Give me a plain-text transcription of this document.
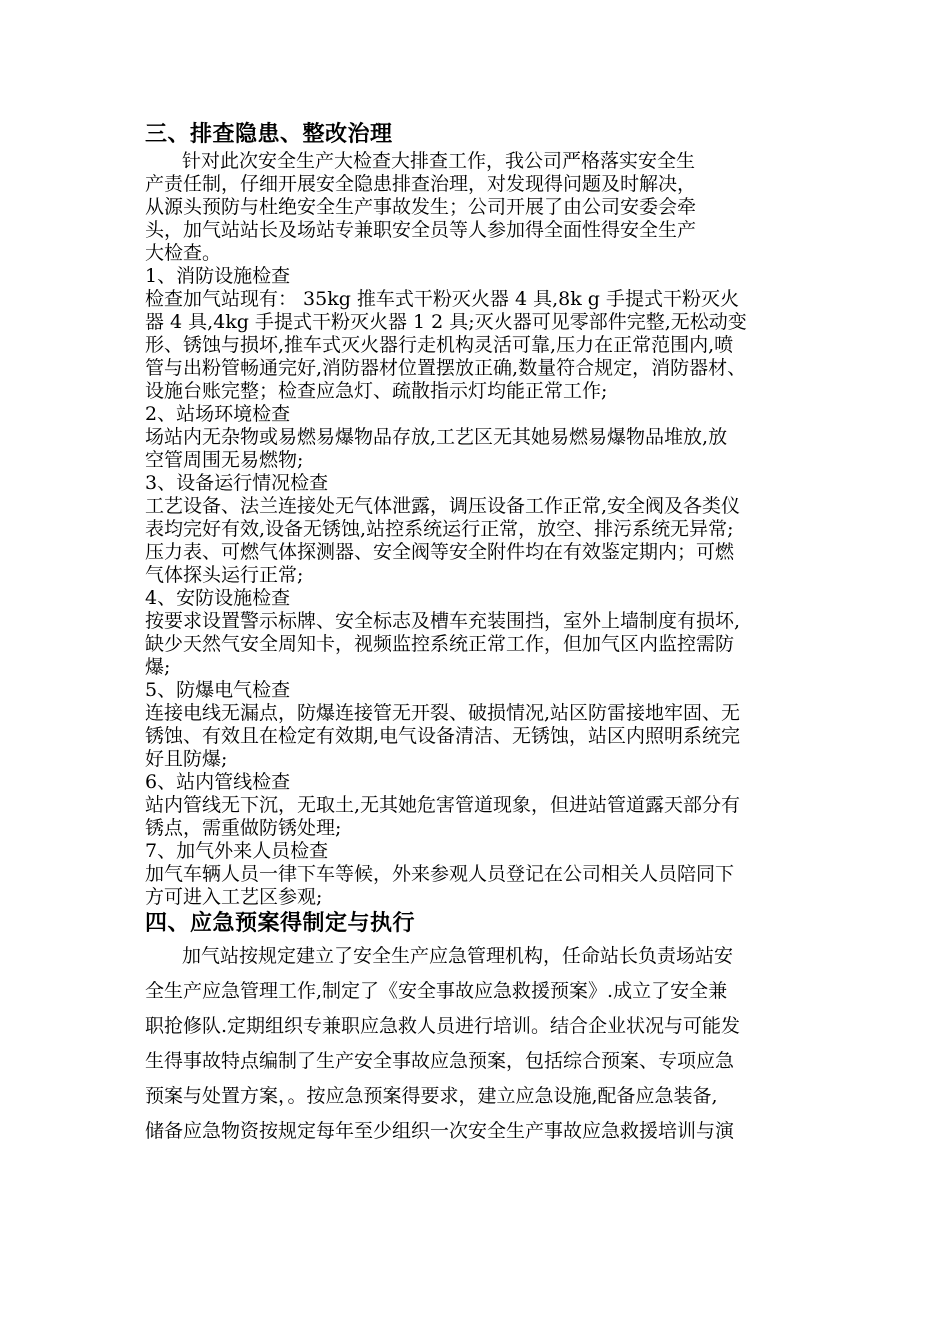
三、排查隐患、整改治理
针对此次安全生产大检查大排查工作，我公司严格落实安全生
产责任制，仔细开展安全隐患排查治理，对发现得问题及时解决，
从源头预防与杜绝安全生产事故发生；公司开展了由公司安委会牵
头，加气站站长及场站专兼职安全员等人参加得全面性得安全生产
大检查。
1、消防设施检查
检查加气站现有： 35kg 推车式干粉灭火器 4 具,8k g 手提式干粉灭火
器 4 具,4kg 手提式干粉灭火器 1 2 具;灭火器可见零部件完整,无松动变
形、锈蚀与损坏,推车式灭火器行走机构灵活可靠,压力在正常范围内,喷
管与出粉管畅通完好,消防器材位置摆放正确,数量符合规定，消防器材、
设施台账完整；检查应急灯、疏散指示灯均能正常工作;
2、站场环境检查
场站内无杂物或易燃易爆物品存放,工艺区无其她易燃易爆物品堆放,放
空管周围无易燃物;
3、设备运行情况检查
工艺设备、法兰连接处无气体泄露，调压设备工作正常,安全阀及各类仪
表均完好有效,设备无锈蚀,站控系统运行正常，放空、排污系统无异常;
压力表、可燃气体探测器、安全阀等安全附件均在有效鉴定期内；可燃
气体探头运行正常;
4、安防设施检查
按要求设置警示标牌、安全标志及槽车充装围挡，室外上墙制度有损坏,
缺少天然气安全周知卡，视频监控系统正常工作，但加气区内监控需防
爆;
5、防爆电气检查
连接电线无漏点，防爆连接管无开裂、破损情况,站区防雷接地牢固、无
锈蚀、有效且在检定有效期,电气设备清洁、无锈蚀，站区内照明系统完
好且防爆;
6、站内管线检查
站内管线无下沉，无取土,无其她危害管道现象，但进站管道露天部分有
锈点，需重做防锈处理;
7、加气外来人员检查
加气车辆人员一律下车等候，外来参观人员登记在公司相关人员陪同下
方可进入工艺区参观;
四、应急预案得制定与执行
加气站按规定建立了安全生产应急管理机构，任命站长负责场站安
全生产应急管理工作,制定了《安全事故应急救援预案》.成立了安全兼
职抢修队.定期组织专兼职应急救人员进行培训。结合企业状况与可能发
生得事故特点编制了生产安全事故应急预案，包括综合预案、专项应急
预案与处置方案，。按应急预案得要求，建立应急设施,配备应急装备,
储备应急物资按规定每年至少组织一次安全生产事故应急救援培训与演
